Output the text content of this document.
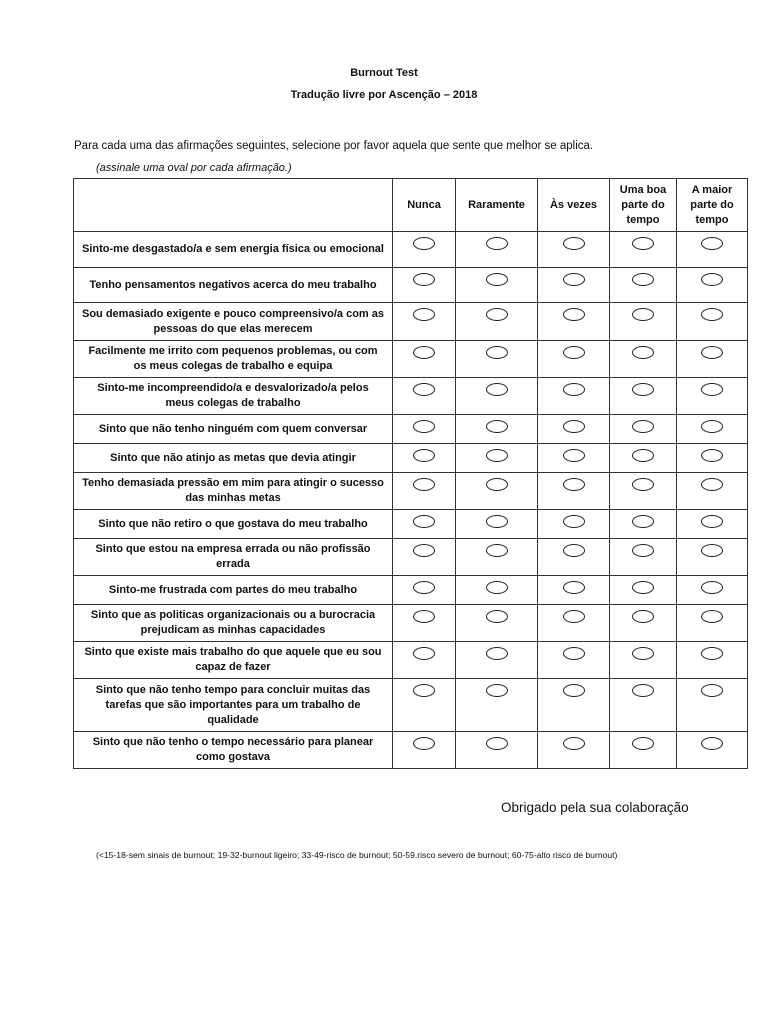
Burnout Test
Tradução livre por Ascenção – 2018
Para cada uma das afirmações seguintes, selecione por favor aquela que sente que melhor se aplica.
(assinale uma oval por cada afirmação.)
	Nunca	Raramente	Às vezes	Uma boa parte do tempo	A maior parte do tempo

Sinto-me desgastado/a e sem energia física ou emocional					
Tenho pensamentos negativos acerca do meu trabalho					
Sou demasiado exigente e pouco compreensivo/a com as pessoas do que elas merecem					
Facilmente me irrito com pequenos problemas, ou com os meus colegas de trabalho e equipa					
Sinto-me incompreendido/a e desvalorizado/a pelos meus colegas de trabalho					
Sinto que não tenho ninguém com quem conversar					
Sinto que não atinjo as metas que devia atingir					
Tenho demasiada pressão em mim para atingir o sucesso das minhas metas					
Sinto que não retiro o que gostava do meu trabalho					
Sinto que estou na empresa errada ou não profissão errada					
Sinto-me frustrada com partes do meu trabalho					
Sinto que as politicas organizacionais ou a burocracia prejudicam as minhas capacidades					
Sinto que existe mais trabalho do que aquele que eu sou capaz de fazer					
Sinto que não tenho tempo para concluir muitas das tarefas que são importantes para um trabalho de qualidade					
Sinto que não tenho o tempo necessário para planear como gostava					
Obrigado pela sua colaboração
(<15-18-sem sinais de burnout; 19-32-burnout ligeiro; 33-49-risco de burnout; 50-59.risco severo de burnout; 60-75-alto risco de burnout)
